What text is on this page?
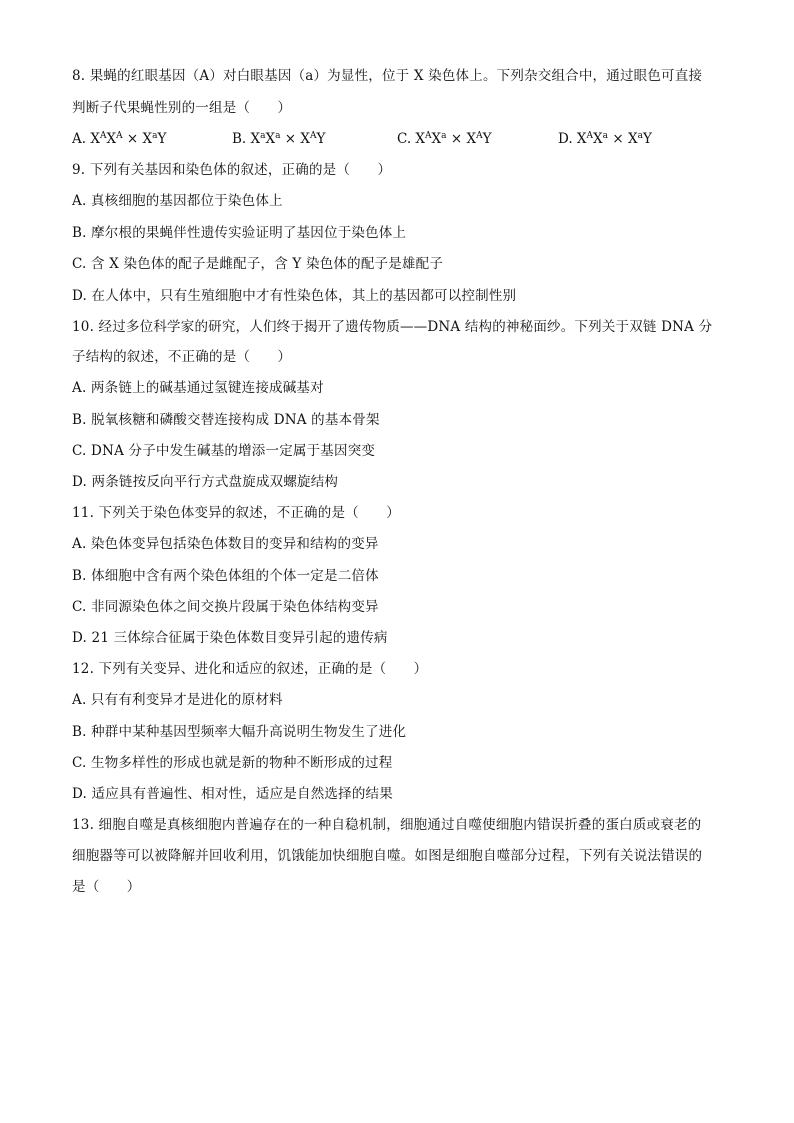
8. 果蝇的红眼基因（A）对白眼基因（a）为显性，位于 X 染色体上。下列杂交组合中，通过眼色可直接
判断子代果蝇性别的一组是（　　）
A. $X^AX^A \times X^aY$	B. $X^aX^a \times X^AY$	C. $X^AX^a \times X^AY$	D. $X^AX^a \times X^aY$
9. 下列有关基因和染色体的叙述，正确的是（　　）
A. 真核细胞的基因都位于染色体上
B. 摩尔根的果蝇伴性遗传实验证明了基因位于染色体上
C. 含 X 染色体的配子是雌配子，含 Y 染色体的配子是雄配子
D. 在人体中，只有生殖细胞中才有性染色体，其上的基因都可以控制性别
10. 经过多位科学家的研究，人们终于揭开了遗传物质——DNA 结构的神秘面纱。下列关于双链 DNA 分
子结构的叙述，不正确的是（　　）
A. 两条链上的碱基通过氢键连接成碱基对
B. 脱氧核糖和磷酸交替连接构成 DNA 的基本骨架
C. DNA 分子中发生碱基的增添一定属于基因突变
D. 两条链按反向平行方式盘旋成双螺旋结构
11. 下列关于染色体变异的叙述，不正确的是（　　）
A. 染色体变异包括染色体数目的变异和结构的变异
B. 体细胞中含有两个染色体组的个体一定是二倍体
C. 非同源染色体之间交换片段属于染色体结构变异
D. 21 三体综合征属于染色体数目变异引起的遗传病
12. 下列有关变异、进化和适应的叙述，正确的是（　　）
A. 只有有利变异才是进化的原材料
B. 种群中某种基因型频率大幅升高说明生物发生了进化
C. 生物多样性的形成也就是新的物种不断形成的过程
D. 适应具有普遍性、相对性，适应是自然选择的结果
13. 细胞自噬是真核细胞内普遍存在的一种自稳机制，细胞通过自噬使细胞内错误折叠的蛋白质或衰老的
细胞器等可以被降解并回收利用，饥饿能加快细胞自噬。如图是细胞自噬部分过程，下列有关说法错误的
是（　　）
